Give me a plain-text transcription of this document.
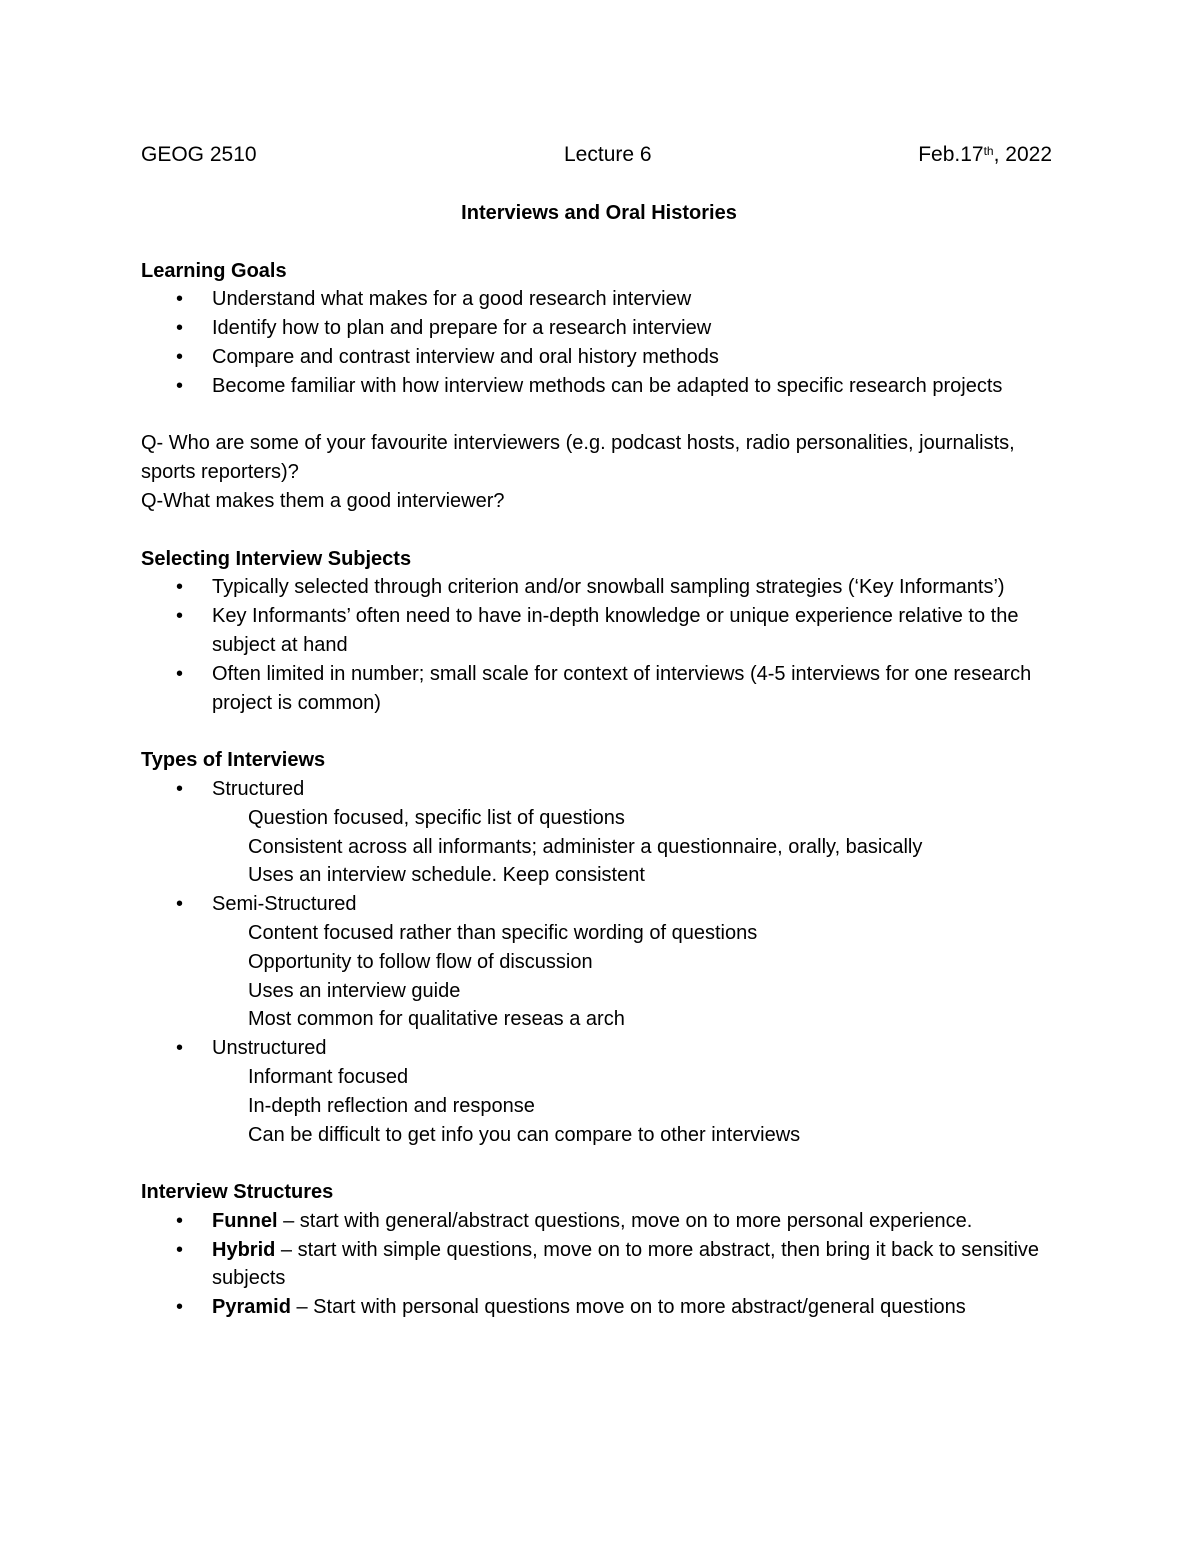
GEOG 2510	Lecture 6	Feb.17th, 2022
Interviews and Oral Histories
Learning Goals
• Understand what makes for a good research interview
• Identify how to plan and prepare for a research interview
• Compare and contrast interview and oral history methods
• Become familiar with how interview methods can be adapted to specific research projects
Q- Who are some of your favourite interviewers (e.g. podcast hosts, radio personalities, journalists, sports reporters)?
Q-What makes them a good interviewer?
Selecting Interview Subjects
• Typically selected through criterion and/or snowball sampling strategies (‘Key Informants’)
• Key Informants’ often need to have in-depth knowledge or unique experience relative to the subject at hand
• Often limited in number; small scale for context of interviews (4-5 interviews for one research project is common)
Types of Interviews
• Structured
Question focused, specific list of questions
Consistent across all informants; administer a questionnaire, orally, basically
Uses an interview schedule. Keep consistent
• Semi-Structured
Content focused rather than specific wording of questions
Opportunity to follow flow of discussion
Uses an interview guide
Most common for qualitative reseas a arch
• Unstructured
Informant focused
In-depth reflection and response
Can be difficult to get info you can compare to other interviews
Interview Structures
• Funnel – start with general/abstract questions, move on to more personal experience.
• Hybrid – start with simple questions, move on to more abstract, then bring it back to sensitive subjects
• Pyramid – Start with personal questions move on to more abstract/general questions
